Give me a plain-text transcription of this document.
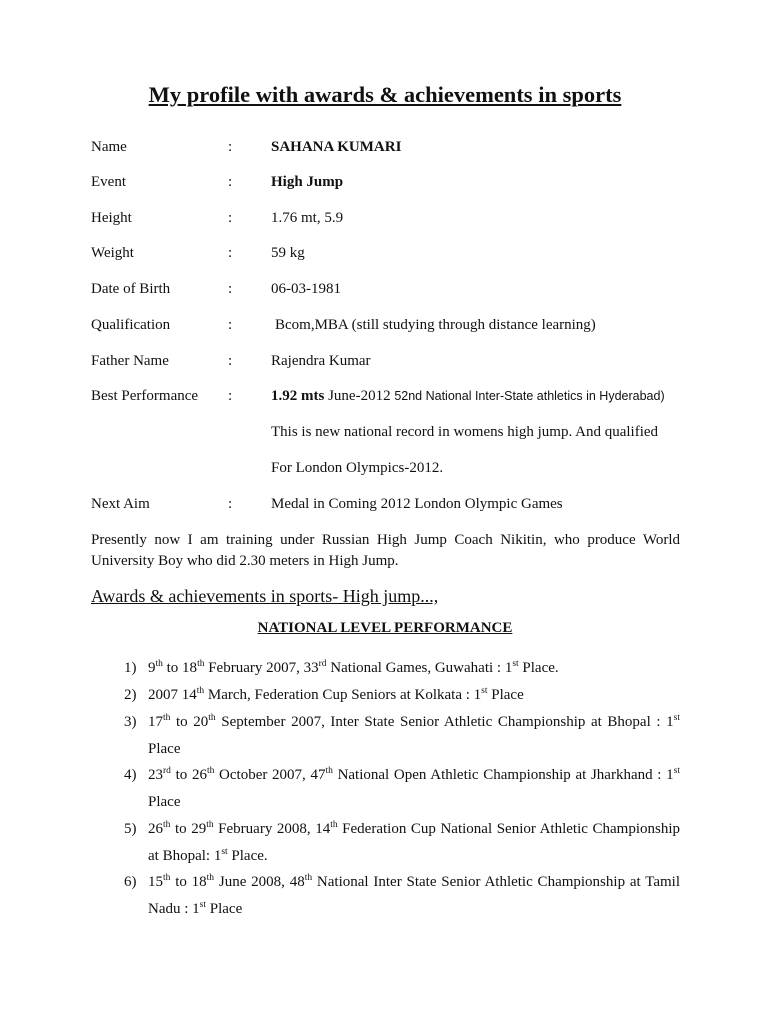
My profile with awards & achievements in sports
Name	:	SAHANA KUMARI
Event	:	High Jump
Height	:	1.76 mt, 5.9
Weight	:	59 kg
Date of Birth	:	06-03-1981
Qualification	:	Bcom,MBA (still studying through distance learning)
Father Name	:	Rajendra Kumar
Best Performance :	1.92 mts June-2012 52nd National Inter-State athletics in Hyderabad)
This is new national record in womens high jump. And qualified
For London Olympics-2012.
Next Aim	:	Medal in Coming 2012 London Olympic Games
Presently now I am training under Russian High Jump Coach Nikitin, who produce World University Boy who did 2.30 meters in High Jump.
Awards & achievements in sports- High jump...,
NATIONAL LEVEL PERFORMANCE
1) 9th to 18th February 2007, 33rd National Games, Guwahati : 1st Place.
2) 2007 14th March, Federation Cup Seniors at Kolkata : 1st Place
3) 17th to 20th September 2007, Inter State Senior Athletic Championship at Bhopal : 1st
Place
4) 23rd to 26th October 2007, 47th National Open Athletic Championship at Jharkhand : 1st
Place
5) 26th to 29th February 2008, 14th Federation Cup National Senior Athletic Championship
at Bhopal: 1st Place.
6) 15th to 18th June 2008, 48th National Inter State Senior Athletic Championship at Tamil
Nadu : 1st Place
